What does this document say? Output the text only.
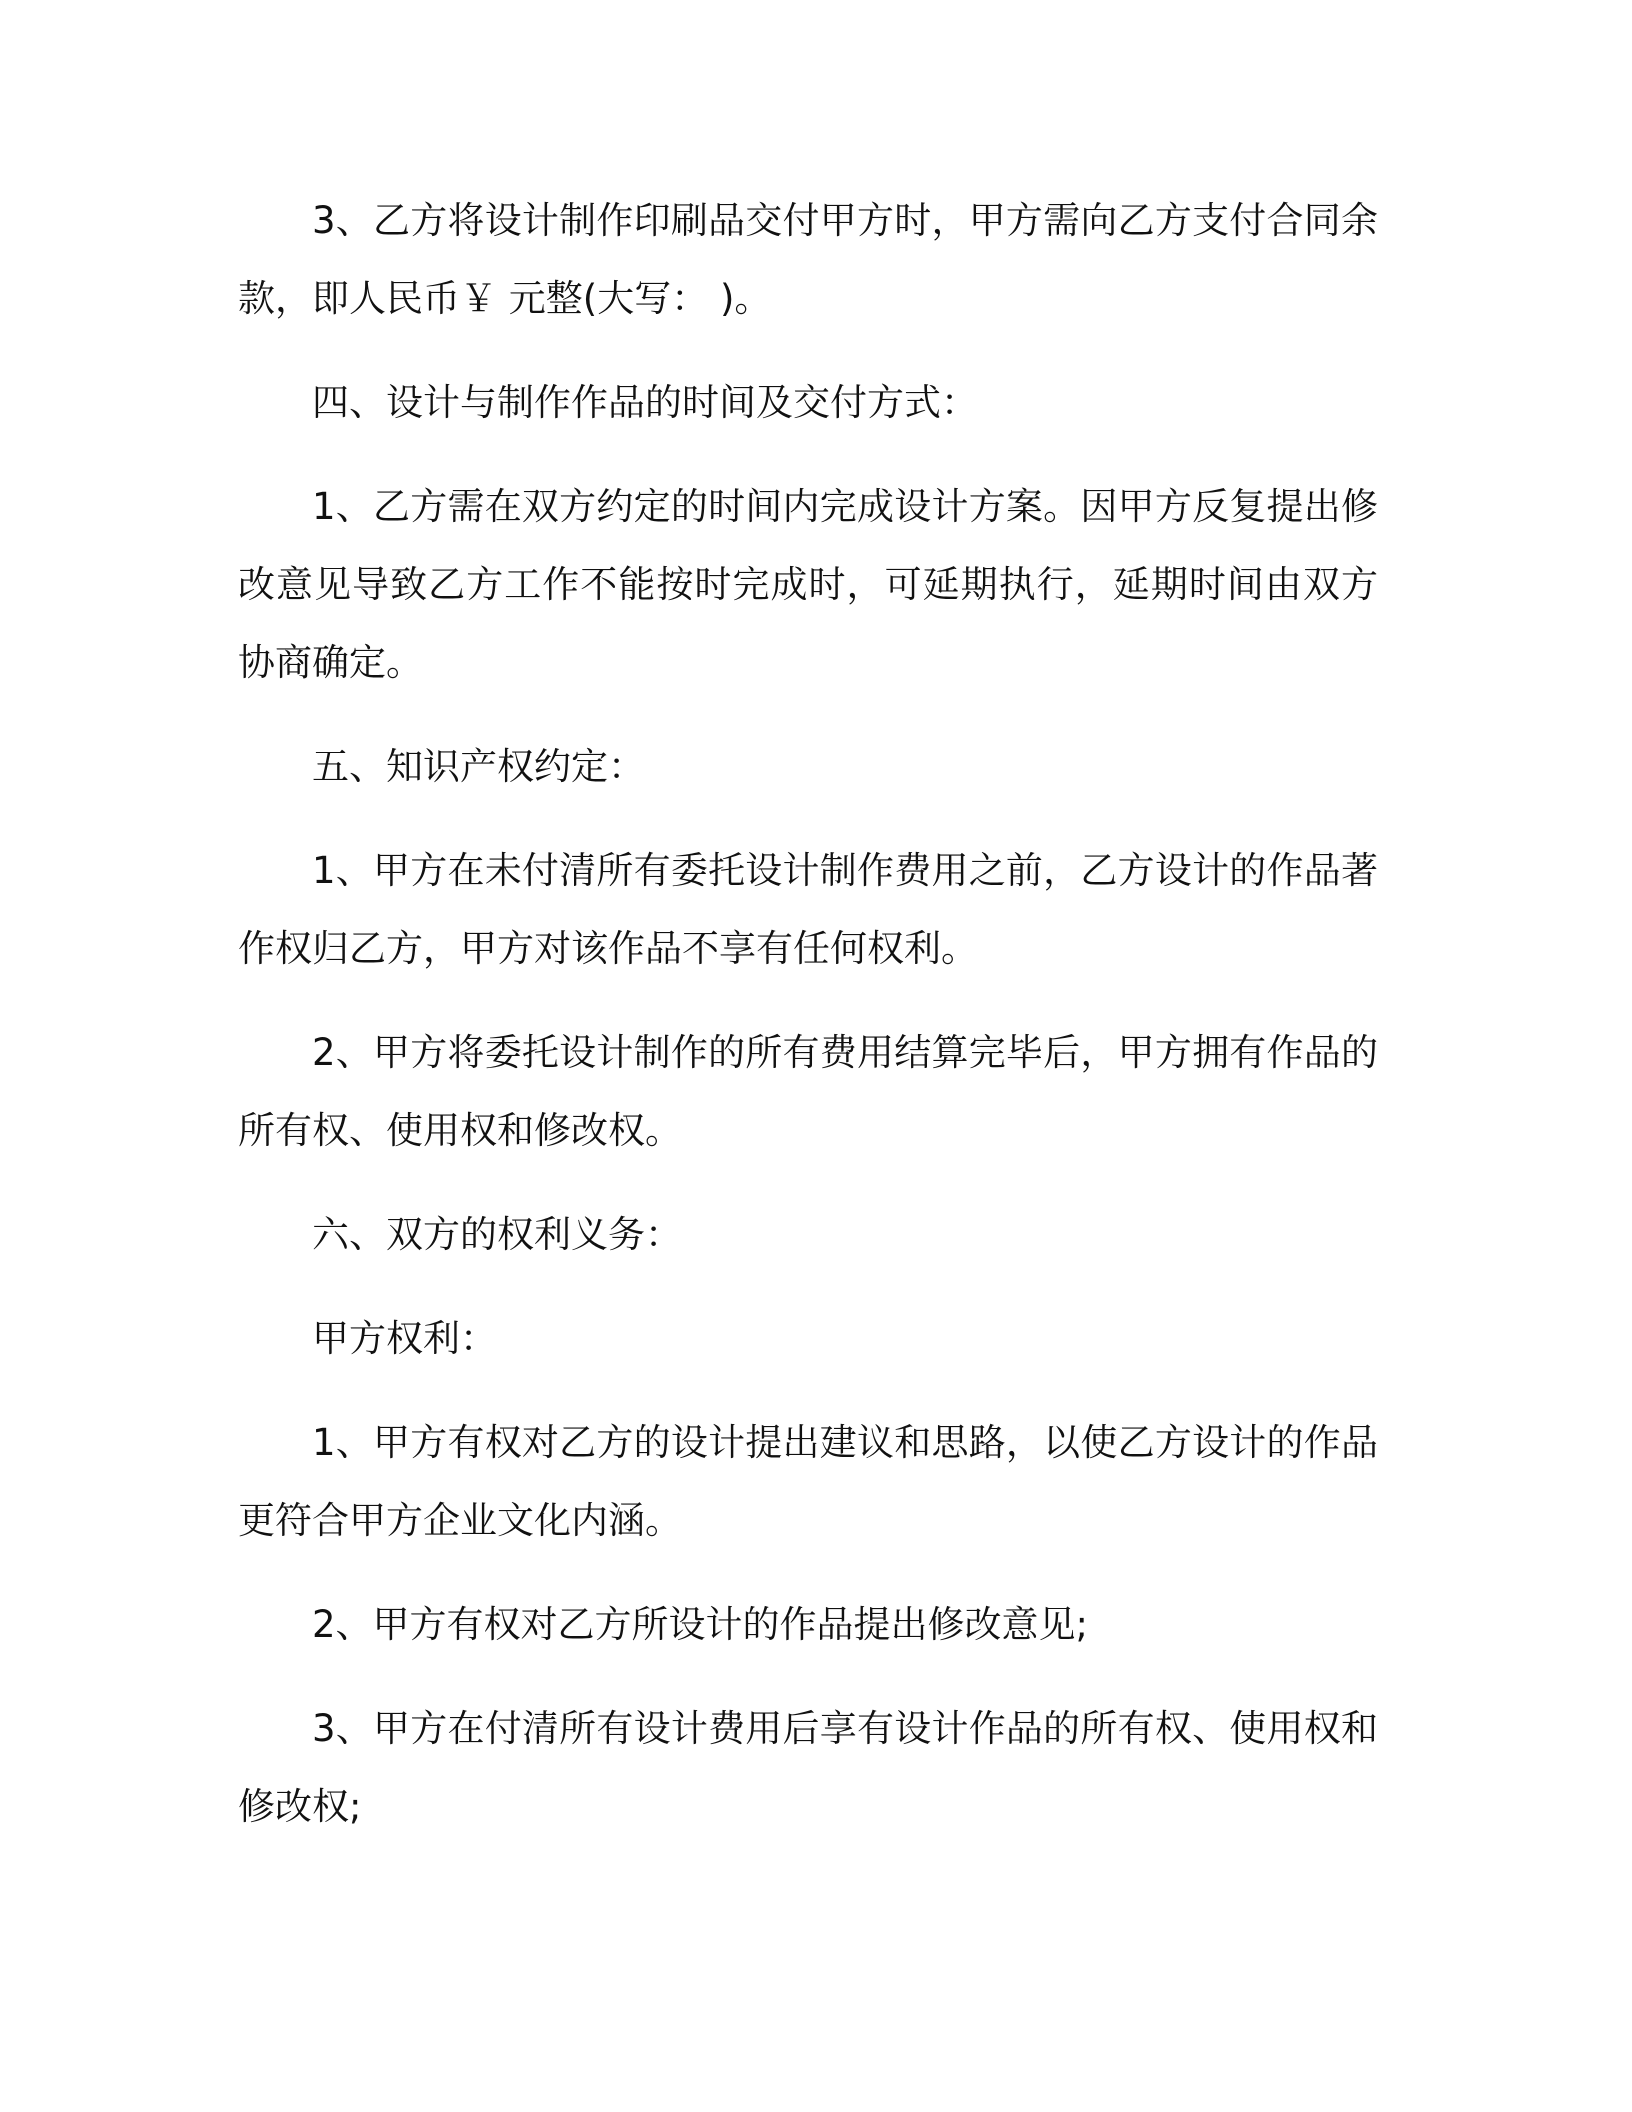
3、乙方将设计制作印刷品交付甲方时，甲方需向乙方支付合同余款，即人民币￥ 元整(大写： )。

四、设计与制作作品的时间及交付方式：

1、乙方需在双方约定的时间内完成设计方案。因甲方反复提出修改意见导致乙方工作不能按时完成时，可延期执行，延期时间由双方协商确定。

五、知识产权约定：

1、甲方在未付清所有委托设计制作费用之前，乙方设计的作品著作权归乙方，甲方对该作品不享有任何权利。

2、甲方将委托设计制作的所有费用结算完毕后，甲方拥有作品的所有权、使用权和修改权。

六、双方的权利义务：

甲方权利：

1、甲方有权对乙方的设计提出建议和思路，以使乙方设计的作品更符合甲方企业文化内涵。

2、甲方有权对乙方所设计的作品提出修改意见;

3、甲方在付清所有设计费用后享有设计作品的所有权、使用权和修改权;
